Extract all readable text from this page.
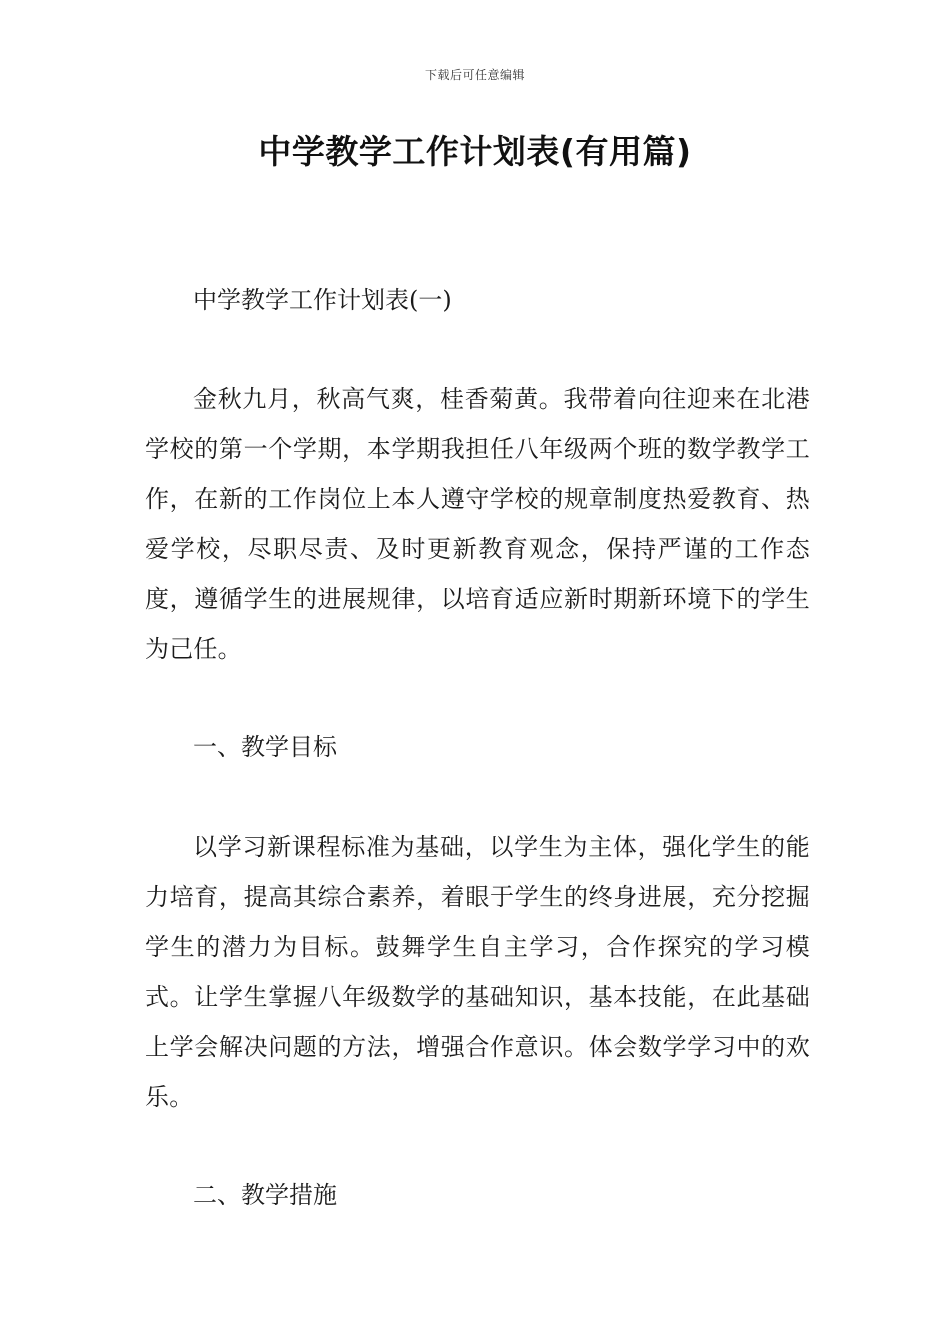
下载后可任意编辑
中学教学工作计划表(有用篇)

中学教学工作计划表(一)

金秋九月，秋高气爽，桂香菊黄。我带着向往迎来在北港学校的第一个学期，本学期我担任八年级两个班的数学教学工作，在新的工作岗位上本人遵守学校的规章制度热爱教育、热爱学校，尽职尽责、及时更新教育观念，保持严谨的工作态度，遵循学生的进展规律，以培育适应新时期新环境下的学生为己任。

一、教学目标

以学习新课程标准为基础，以学生为主体，强化学生的能力培育，提高其综合素养，着眼于学生的终身进展，充分挖掘学生的潜力为目标。鼓舞学生自主学习，合作探究的学习模式。让学生掌握八年级数学的基础知识，基本技能，在此基础上学会解决问题的方法，增强合作意识。体会数学学习中的欢乐。

二、教学措施
